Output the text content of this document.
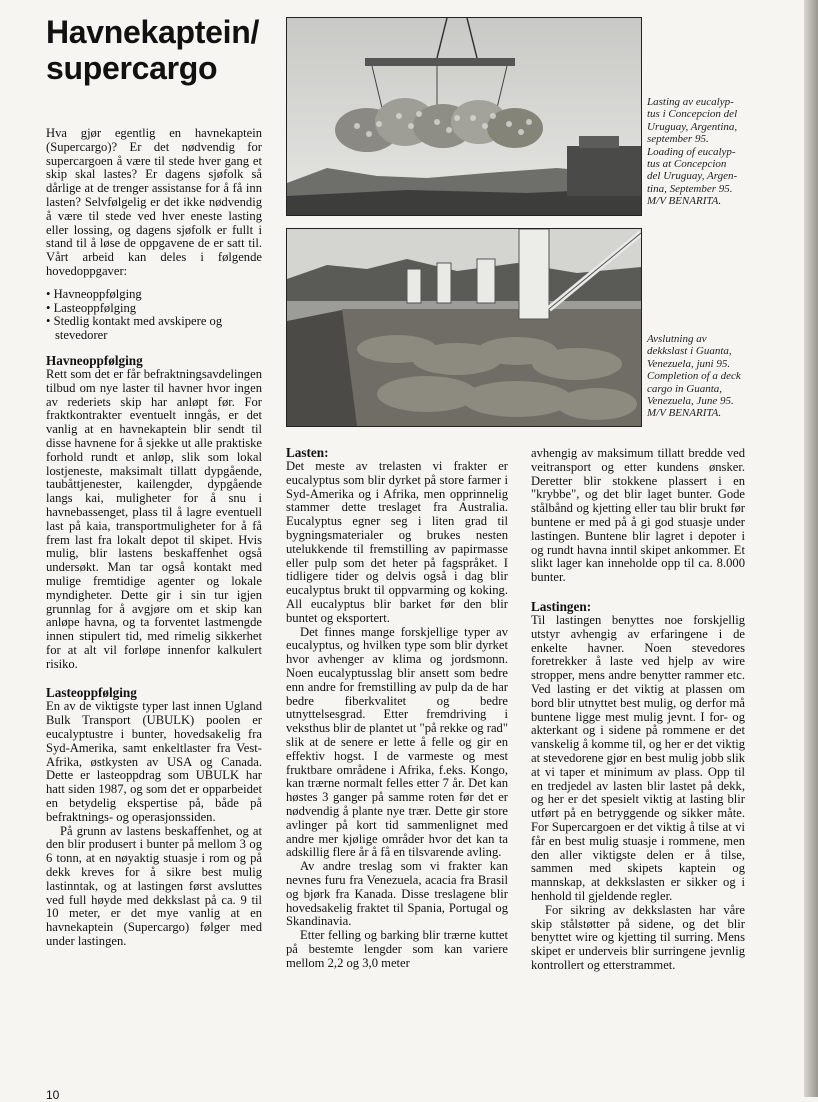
Havnekaptein/
supercargo

Hva gjør egentlig en havnekaptein (Supercargo)? Er det nødvendig for supercargoen å være til stede hver gang et skip skal lastes? Er dagens sjøfolk så dårlige at de trenger assistanse for å få inn lasten? Selvfølgelig er det ikke nødvendig å være til stede ved hver eneste lasting eller lossing, og dagens sjøfolk er fullt i stand til å løse de oppgavene de er satt til. Vårt arbeid kan deles i følgende hovedoppgaver:

• Havneoppfølging
• Lasteoppfølging
• Stedlig kontakt med avskipere og stevedorer
Havneoppfølging

Rett som det er får befraktningsavdelingen tilbud om nye laster til havner hvor ingen av rederiets skip har anløpt før. For fraktkontrakter eventuelt inngås, er det vanlig at en havnekaptein blir sendt til disse havnene for å sjekke ut alle praktiske forhold rundt et anløp, slik som lokal lostjeneste, maksimalt tillatt dypgående, taubåttjenester, kailengder, dypgående langs kai, muligheter for å snu i havnebassenget, plass til å lagre eventuell last på kaia, transportmuligheter for å få frem last fra lokalt depot til skipet. Hvis mulig, blir lastens beskaffenhet også undersøkt. Man tar også kontakt med mulige fremtidige agenter og lokale myndigheter. Dette gir i sin tur igjen grunnlag for å avgjøre om et skip kan anløpe havna, og ta forventet lastmengde innen stipulert tid, med rimelig sikkerhet for at alt vil forløpe innenfor kalkulert risiko.

Lasteoppfølging

En av de viktigste typer last innen Ugland Bulk Transport (UBULK) poolen er eucalyptustre i bunter, hovedsakelig fra Syd-Amerika, samt enkeltlaster fra Vest-Afrika, østkysten av USA og Canada. Dette er lasteoppdrag som UBULK har hatt siden 1987, og som det er opparbeidet en betydelig ekspertise på, både på befraktnings- og operasjonssiden.

På grunn av lastens beskaffenhet, og at den blir produsert i bunter på mellom 3 og 6 tonn, at en nøyaktig stuasje i rom og på dekk kreves for å sikre best mulig lastinntak, og at lastingen først avsluttes ved full høyde med dekkslast på ca. 9 til 10 meter, er det mye vanlig at en havnekaptein (Supercargo) følger med under lastingen.

Lasting av eucalyp-
tus i Concepcion del
Uruguay, Argentina,
september 95.
Loading of eucalyp-
tus at Concepcion
del Uruguay, Argen-
tina, September 95.
M/V BENARITA.
Avslutning av
dekkslast i Guanta,
Venezuela, juni 95.
Completion of a deck
cargo in Guanta,
Venezuela, June 95.
M/V BENARITA.
Lasten:

Det meste av trelasten vi frakter er eucalyptus som blir dyrket på store farmer i Syd-Amerika og i Afrika, men opprinnelig stammer dette treslaget fra Australia. Eucalyptus egner seg i liten grad til bygningsmaterialer og brukes nesten utelukkende til fremstilling av papirmasse eller pulp som det heter på fagspråket. I tidligere tider og delvis også i dag blir eucalyptus brukt til oppvarming og koking. All eucalyptus blir barket før den blir buntet og eksportert.

Det finnes mange forskjellige typer av eucalyptus, og hvilken type som blir dyrket hvor avhenger av klima og jordsmonn. Noen eucalyptusslag blir ansett som bedre enn andre for fremstilling av pulp da de har bedre fiberkvalitet og bedre utnyttelsesgrad. Etter fremdriving i veksthus blir de plantet ut "på rekke og rad" slik at de senere er lette å felle og gir en effektiv hogst. I de varmeste og mest fruktbare områdene i Afrika, f.eks. Kongo, kan trærne normalt felles etter 7 år. Det kan høstes 3 ganger på samme roten før det er nødvendig å plante nye trær. Dette gir store avlinger på kort tid sammenlignet med andre mer kjølige områder hvor det kan ta adskillig flere år å få en tilsvarende avling.

Av andre treslag som vi frakter kan nevnes furu fra Venezuela, acacia fra Brasil og bjørk fra Kanada. Disse treslagene blir hovedsakelig fraktet til Spania, Portugal og Skandinavia.

Etter felling og barking blir trærne kuttet på bestemte lengder som kan variere mellom 2,2 og 3,0 meter

avhengig av maksimum tillatt bredde ved veitransport og etter kundens ønsker. Deretter blir stokkene plassert i en "krybbe", og det blir laget bunter. Gode stålbånd og kjetting eller tau blir brukt før buntene er med på å gi god stuasje under lastingen. Buntene blir lagret i depoter i og rundt havna inntil skipet ankommer. Et slikt lager kan inneholde opp til ca. 8.000 bunter.

Lastingen:

Til lastingen benyttes noe forskjellig utstyr avhengig av erfaringene i de enkelte havner. Noen stevedores foretrekker å laste ved hjelp av wire stropper, mens andre benytter rammer etc. Ved lasting er det viktig at plassen om bord blir utnyttet best mulig, og derfor må buntene ligge mest mulig jevnt. I for- og akterkant og i sidene på rommene er det vanskelig å komme til, og her er det viktig at stevedorene gjør en best mulig jobb slik at vi taper et minimum av plass. Opp til en tredjedel av lasten blir lastet på dekk, og her er det spesielt viktig at lasting blir utført på en betryggende og sikker måte. For Supercargoen er det viktig å tilse at vi får en best mulig stuasje i rommene, men den aller viktigste delen er å tilse, sammen med skipets kaptein og mannskap, at dekkslasten er sikker og i henhold til gjeldende regler.

For sikring av dekkslasten har våre skip stålstøtter på sidene, og det blir benyttet wire og kjetting til surring. Mens skipet er underveis blir surringene jevnlig kontrollert og etterstrammet.

10
